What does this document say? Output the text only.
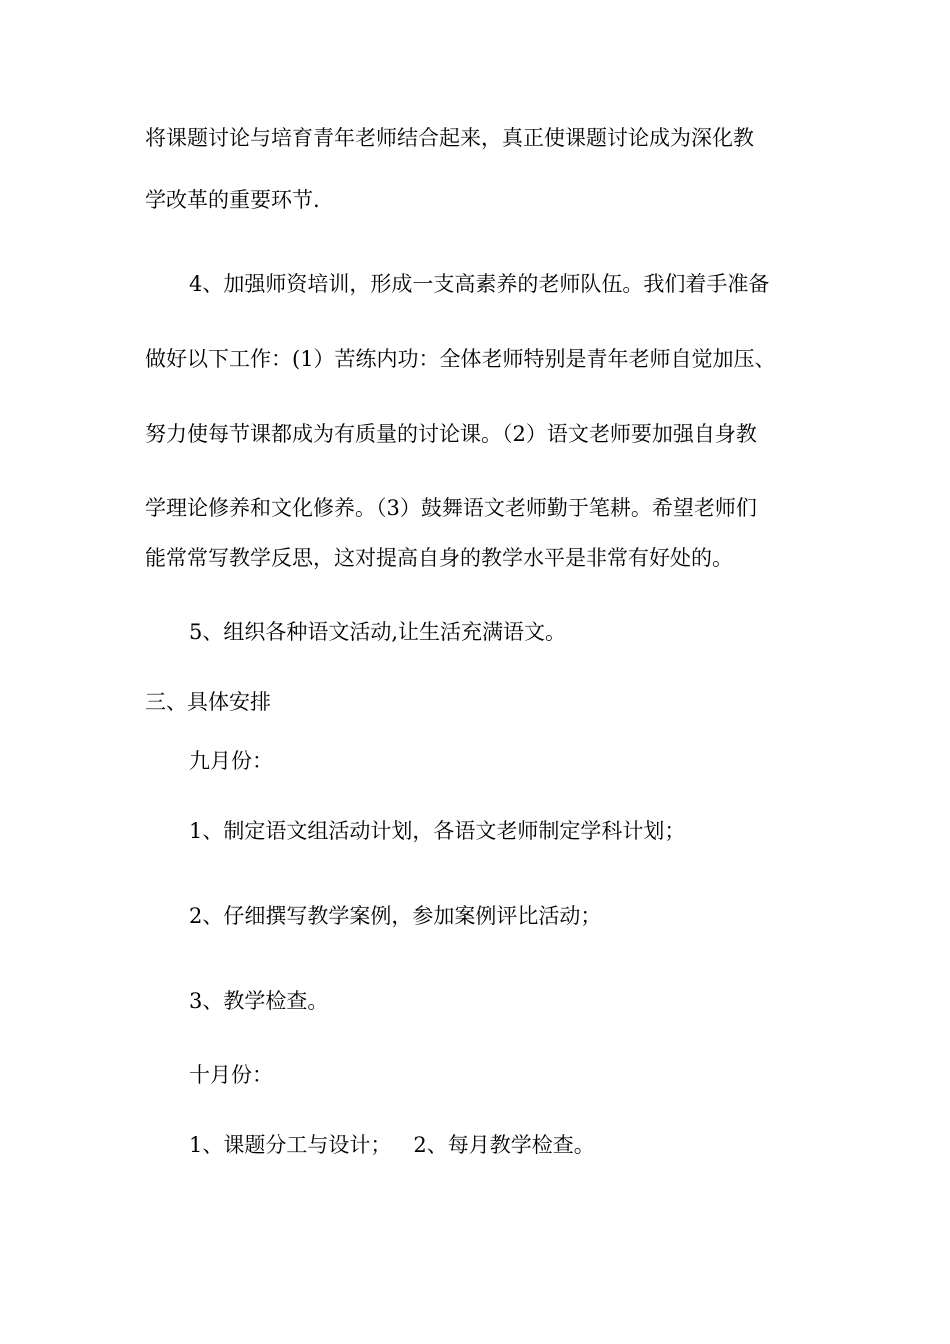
将课题讨论与培育青年老师结合起来，真正使课题讨论成为深化教
学改革的重要环节.
4、加强师资培训，形成一支高素养的老师队伍。我们着手准备
做好以下工作：(1）苦练内功：全体老师特别是青年老师自觉加压、
努力使每节课都成为有质量的讨论课。（2）语文老师要加强自身教
学理论修养和文化修养。（3）鼓舞语文老师勤于笔耕。希望老师们
能常常写教学反思，这对提高自身的教学水平是非常有好处的。
5、组织各种语文活动,让生活充满语文。
三、具体安排
九月份：
1、制定语文组活动计划，各语文老师制定学科计划；
2、仔细撰写教学案例，参加案例评比活动；
3、教学检查。
十月份：
1、课题分工与设计； 2、每月教学检查。
